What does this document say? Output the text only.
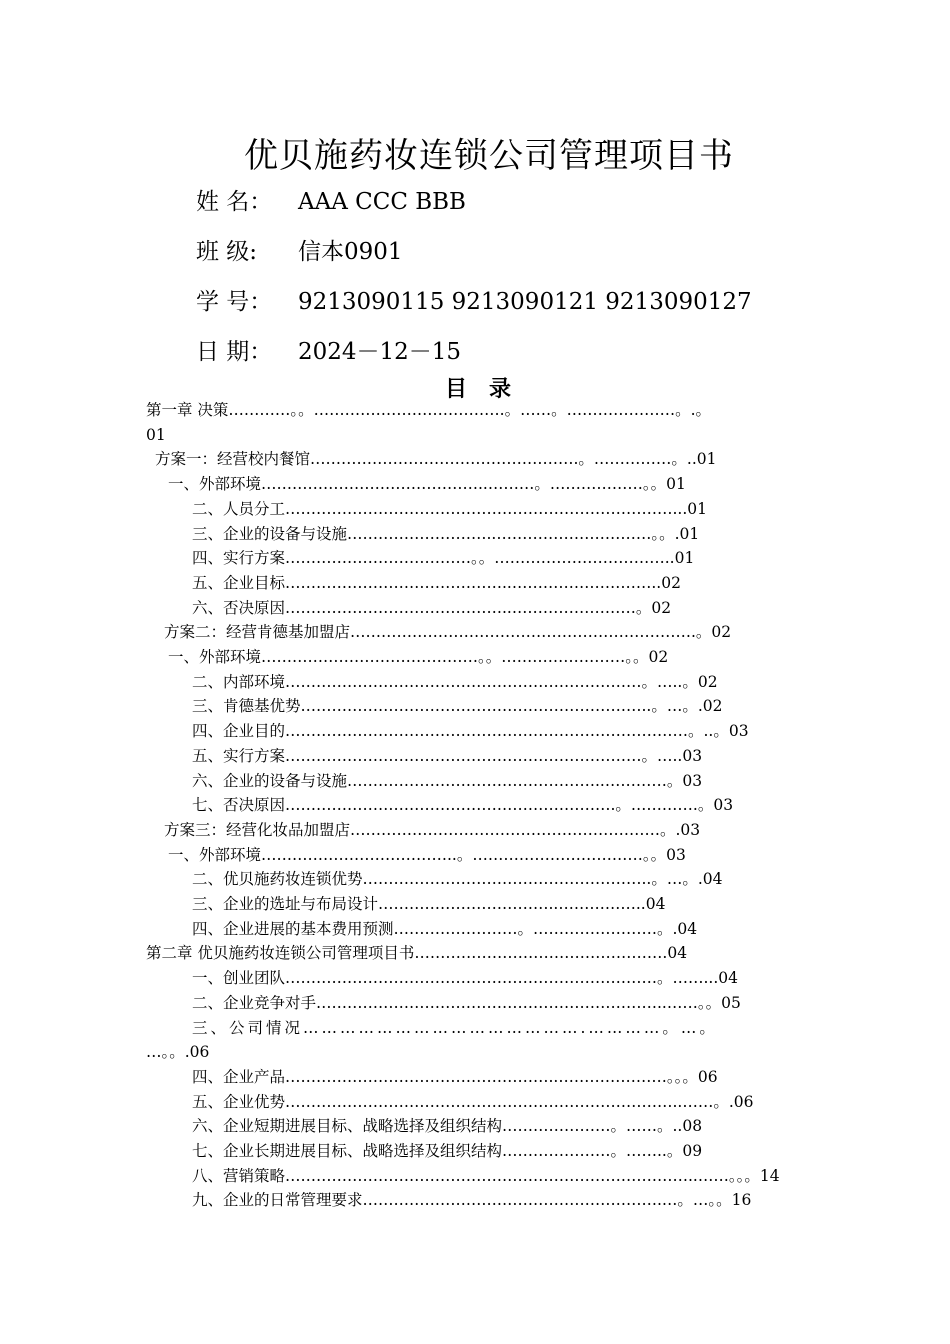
优贝施药妆连锁公司管理项目书
姓 名： AAA CCC BBB
班 级: 信本0901
学 号： 9213090115 9213090121 9213090127
日 期： 2024－12－15
目录
第一章 决策…………。。……………………………….。……。…………………。.。
01
方案一：经营校内餐馆…………………………………………….。……………。..01
一、外部环境……………………………………..………。………………。。01
二、人员分工…………………………………………………………………...01
三、企业的设备与设施………………………..…………………………。。.01
四、实行方案………………………………。。……………………………..01
五、企业目标……………………………………..………………………..02
六、否决原因……………………………………..……………………。02
方案二：经营肯德基加盟店………………………………………………………….。02
一、外部环境……………………………………。。……………………。。02
二、内部环境……………………………………………………………。…..。02
三、肯德基优势…………………………………………………………..。…。.02
四、企业目的……………………………………………………………………。..。03
五、实行方案……………………………………………………………。…..03
六、企业的设备与设施…………………………………………..…………。03
七、否决原因……………………………………………………….。………….。03
方案三：经营化妆品加盟店……………………………………………………。.03
一、外部环境………………………………..。……………………………。。03
二、优贝施药妆连锁优势………………………………………………..。…。.04
三、企业的选址与布局设计……………………………..……………..04
四、企业进展的基本费用预测……………………。……………………。.04
第二章 优贝施药妆连锁公司管理项目书………………………………………….04
一、创业团队………………………………………………………………。……...04
二、企业竞争对手…………………………………………………………..……。。05
三、公司情况……………………………………….…………。…。
…。。.06
四、企业产品……………………………………………..…………………。。。06
五、企业优势…………………………………………………………………..……。.06
六、企业短期进展目标、战略选择及组织结构…………………。……。..08
七、企业长期进展目标、战略选择及组织结构…………………。……..。09
八、营销策略……………………………………………………………………..……。。。14
九、企业的日常管理要求………………………………………………….…。…。。16
